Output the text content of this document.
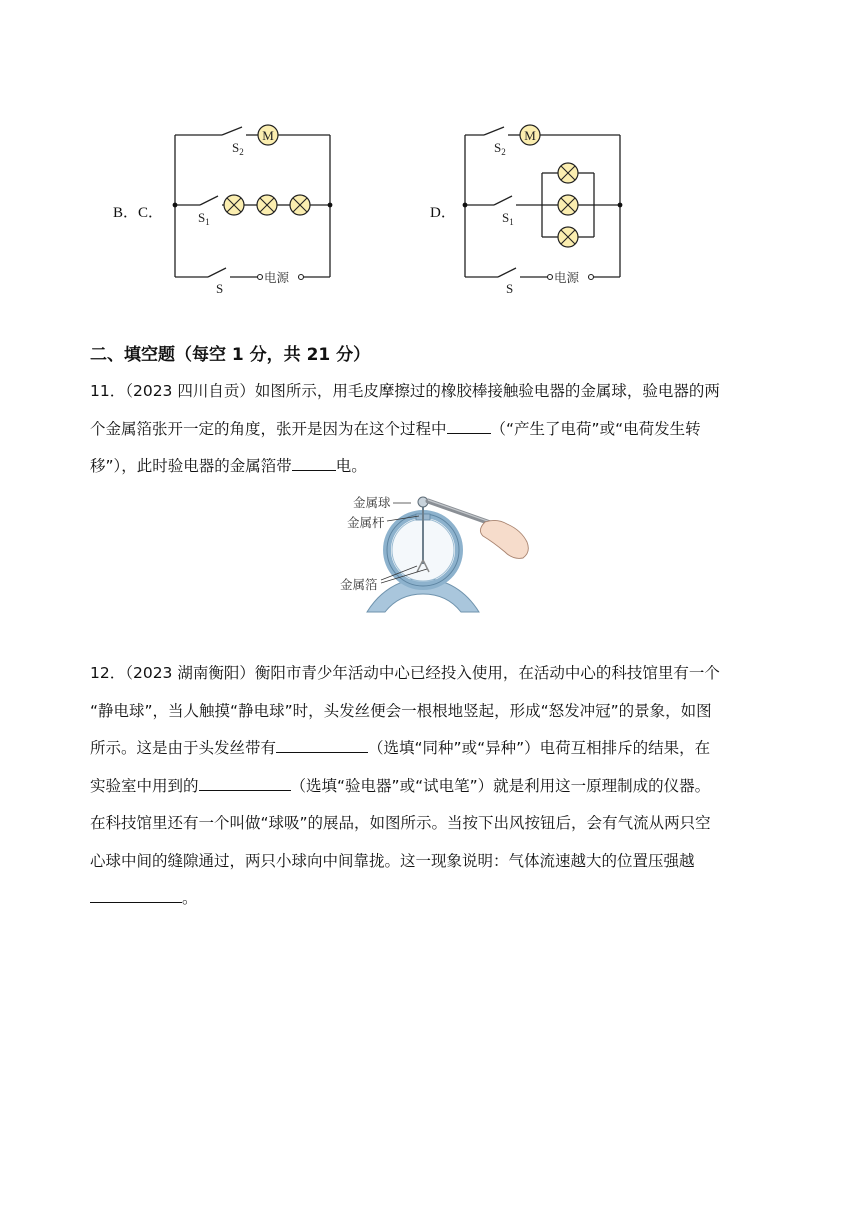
B．C．	D．
M
$S_2$
$S_1$
S
电源
M
$S_2$
$S_1$
S
电源
二、填空题（每空 1 分，共 21 分）
11．（2023 四川自贡）如图所示，用毛皮摩擦过的橡胶棒接触验电器的金属球，验电器的两
个金属箔张开一定的角度，张开是因为在这个过程中	（“产生了电荷”或“电荷发生转
移”），此时验电器的金属箔带	电。
金属球
金属杆
金属箔
12．（2023 湖南衡阳）衡阳市青少年活动中心已经投入使用，在活动中心的科技馆里有一个
“静电球”，当人触摸“静电球”时，头发丝便会一根根地竖起，形成“怒发冲冠”的景象，如图
所示。这是由于头发丝带有	（选填“同种”或“异种”）电荷互相排斥的结果，在
实验室中用到的	（选填“验电器”或“试电笔”）就是利用这一原理制成的仪器。
在科技馆里还有一个叫做“球吸”的展品，如图所示。当按下出风按钮后，会有气流从两只空
心球中间的缝隙通过，两只小球向中间靠拢。这一现象说明：气体流速越大的位置压强越
。
